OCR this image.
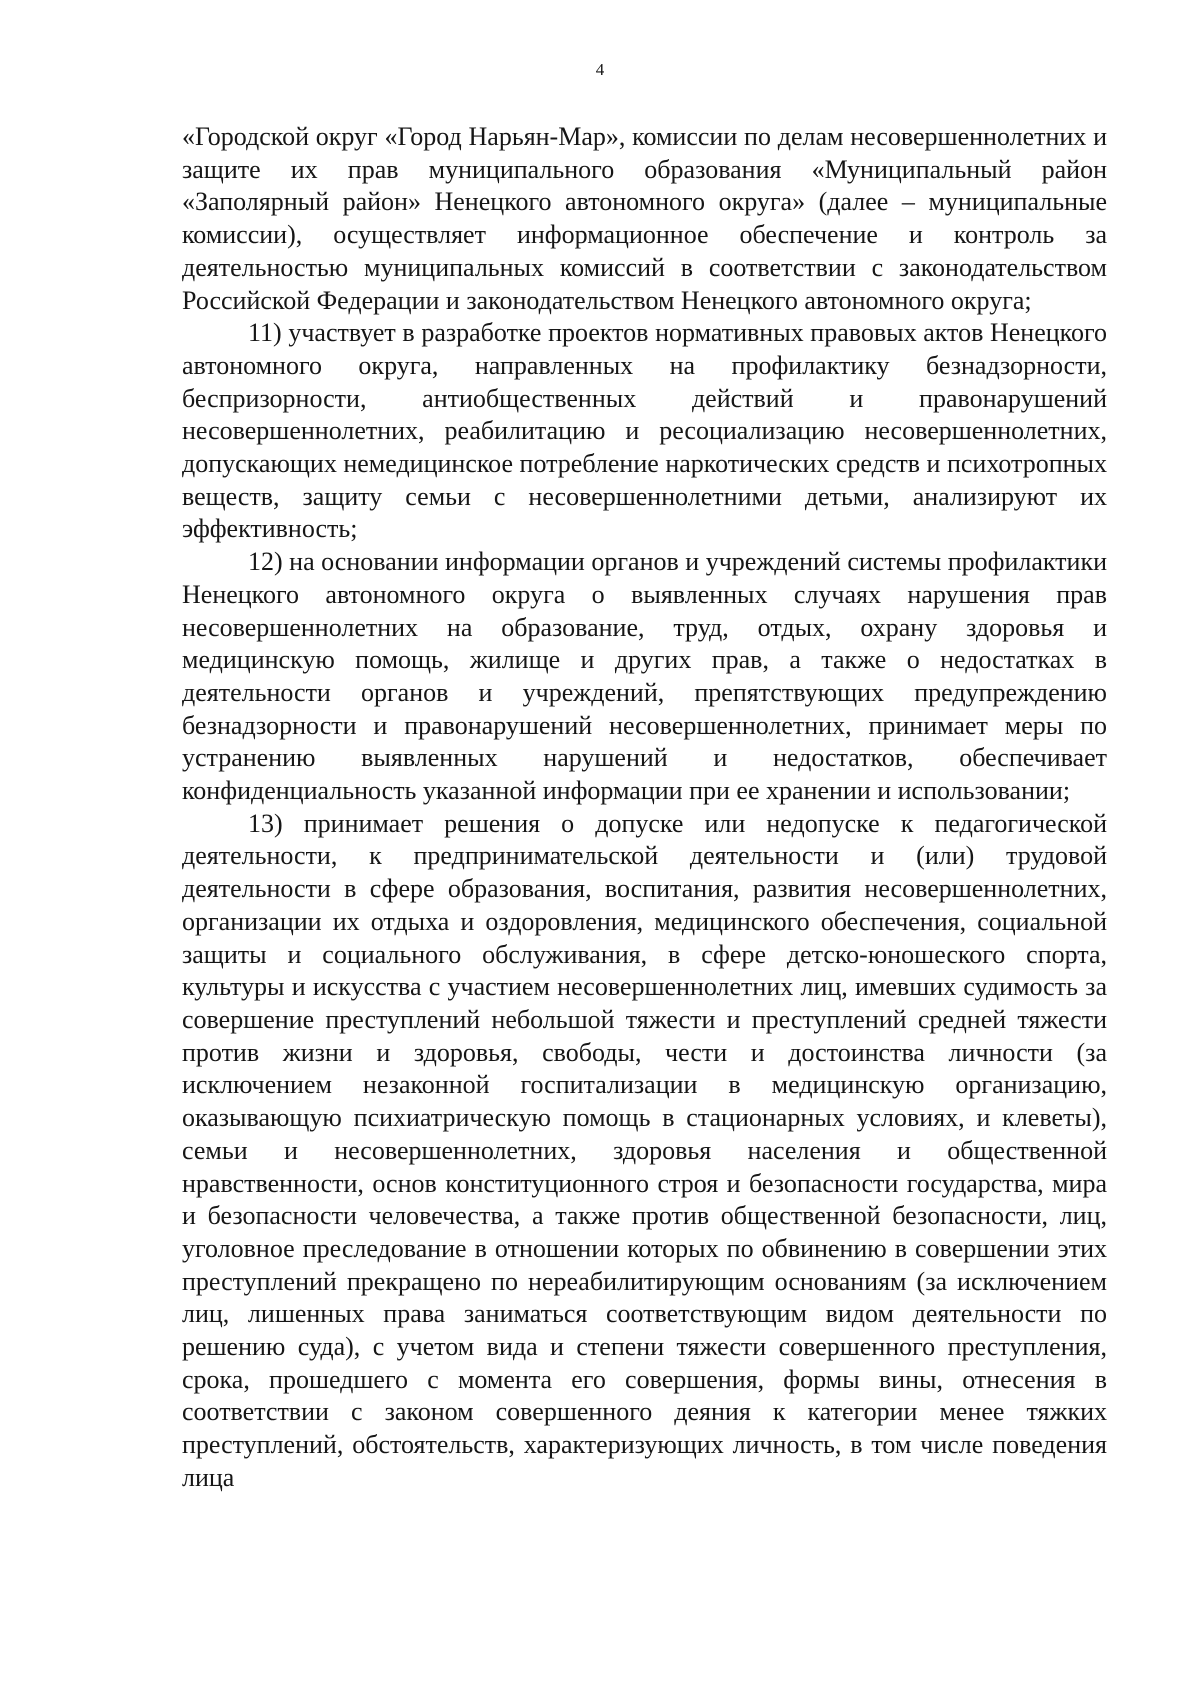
4

«Городской округ «Город Нарьян-Мар», комиссии по делам несовершеннолетних и защите их прав муниципального образования «Муниципальный район «Заполярный район» Ненецкого автономного округа» (далее – муниципальные комиссии), осуществляет информационное обеспечение и контроль за деятельностью муниципальных комиссий в соответствии с законодательством Российской Федерации и законодательством Ненецкого автономного округа;

11) участвует в разработке проектов нормативных правовых актов Ненецкого автономного округа, направленных на профилактику безнадзорности, беспризорности, антиобщественных действий и правонарушений несовершеннолетних, реабилитацию и ресоциализацию несовершеннолетних, допускающих немедицинское потребление наркотических средств и психотропных веществ, защиту семьи с несовершеннолетними детьми, анализируют их эффективность;

12) на основании информации органов и учреждений системы профилактики Ненецкого автономного округа о выявленных случаях нарушения прав несовершеннолетних на образование, труд, отдых, охрану здоровья и медицинскую помощь, жилище и других прав, а также о недостатках в деятельности органов и учреждений, препятствующих предупреждению безнадзорности и правонарушений несовершеннолетних, принимает меры по устранению выявленных нарушений и недостатков, обеспечивает конфиденциальность указанной информации при ее хранении и использовании;

13) принимает решения о допуске или недопуске к педагогической деятельности, к предпринимательской деятельности и (или) трудовой деятельности в сфере образования, воспитания, развития несовершеннолетних, организации их отдыха и оздоровления, медицинского обеспечения, социальной защиты и социального обслуживания, в сфере детско-юношеского спорта, культуры и искусства с участием несовершеннолетних лиц, имевших судимость за совершение преступлений небольшой тяжести и преступлений средней тяжести против жизни и здоровья, свободы, чести и достоинства личности (за исключением незаконной госпитализации в медицинскую организацию, оказывающую психиатрическую помощь в стационарных условиях, и клеветы), семьи и несовершеннолетних, здоровья населения и общественной нравственности, основ конституционного строя и безопасности государства, мира и безопасности человечества, а также против общественной безопасности, лиц, уголовное преследование в отношении которых по обвинению в совершении этих преступлений прекращено по нереабилитирующим основаниям (за исключением лиц, лишенных права заниматься соответствующим видом деятельности по решению суда), с учетом вида и степени тяжести совершенного преступления, срока, прошедшего с момента его совершения, формы вины, отнесения в соответствии с законом совершенного деяния к категории менее тяжких преступлений, обстоятельств, характеризующих личность, в том числе поведения лица
